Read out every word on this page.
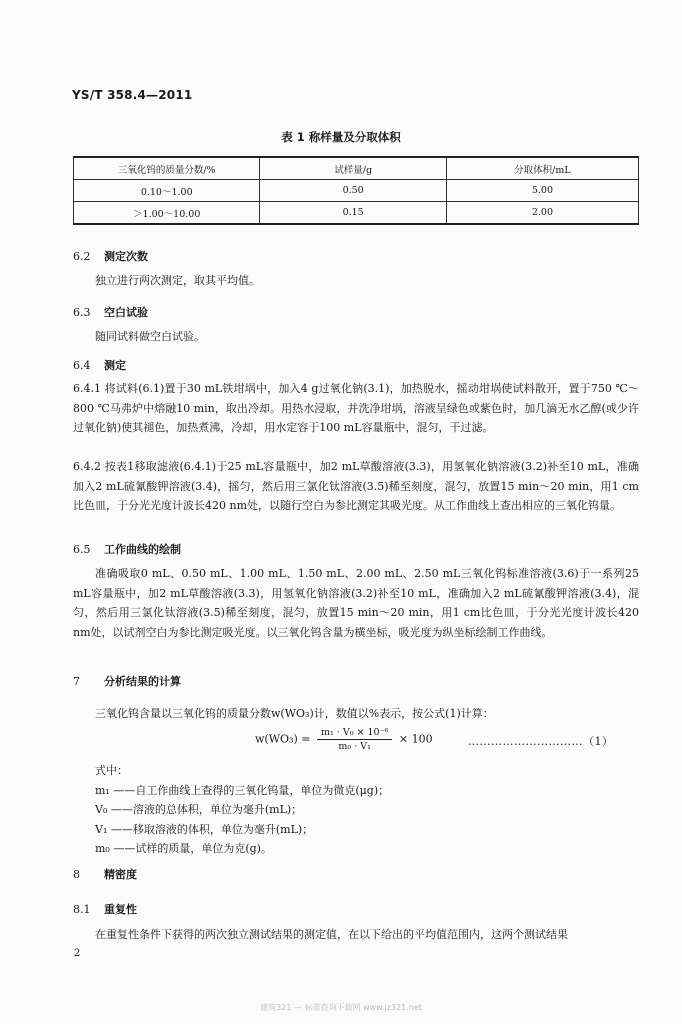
YS/T 358.4—2011
表 1 称样量及分取体积
三氧化钨的质量分数/%	试样量/g	分取体积/mL
0.10～1.00	0.50	5.00
＞1.00～10.00	0.15	2.00
6.2 测定次数
独立进行两次测定，取其平均值。
6.3 空白试验
随同试料做空白试验。
6.4 测定
6.4.1 将试料(6.1)置于30 mL铁坩埚中，加入4 g过氧化钠(3.1)，加热脱水，摇动坩埚使试料散开，置于750 ℃～800 ℃马弗炉中熔融10 min，取出冷却。用热水浸取，并洗净坩埚，溶液呈绿色或紫色时，加几滴无水乙醇(或少许过氧化钠)使其褪色，加热煮沸，冷却，用水定容于100 mL容量瓶中，混匀，干过滤。
6.4.2 按表1移取滤液(6.4.1)于25 mL容量瓶中，加2 mL草酸溶液(3.3)，用氢氧化钠溶液(3.2)补至10 mL，准确加入2 mL硫氰酸钾溶液(3.4)，摇匀，然后用三氯化钛溶液(3.5)稀至刻度，混匀，放置15 min～20 min，用1 cm比色皿，于分光光度计波长420 nm处，以随行空白为参比测定其吸光度。从工作曲线上查出相应的三氧化钨量。
6.5 工作曲线的绘制
准确吸取0 mL、0.50 mL、1.00 mL、1.50 mL、2.00 mL、2.50 mL三氧化钨标准溶液(3.6)于一系列25 mL容量瓶中，加2 mL草酸溶液(3.3)，用氢氧化钠溶液(3.2)补至10 mL，准确加入2 mL硫氰酸钾溶液(3.4)，混匀，然后用三氯化钛溶液(3.5)稀至刻度，混匀，放置15 min～20 min，用1 cm比色皿，于分光光度计波长420 nm处，以试剂空白为参比测定吸光度。以三氧化钨含量为横坐标，吸光度为纵坐标绘制工作曲线。
7 分析结果的计算
三氧化钨含量以三氧化钨的质量分数w(WO₃)计，数值以%表示，按公式(1)计算：
$w(WO_3) = \frac{\text{m₁ · V₀ × 10⁻⁶}}{\text{m₀ · V₁}} \times 100$	…………………………（1）
式中：
m₁ ——自工作曲线上查得的三氧化钨量，单位为微克(μg)；
V₀ ——溶液的总体积，单位为毫升(mL)；
V₁ ——移取溶液的体积，单位为毫升(mL)；
m₀ ——试样的质量，单位为克(g)。
8 精密度
8.1 重复性
在重复性条件下获得的两次独立测试结果的测定值，在以下给出的平均值范围内，这两个测试结果
2
建筑321 — 标准查询下载网 www.jz321.net
